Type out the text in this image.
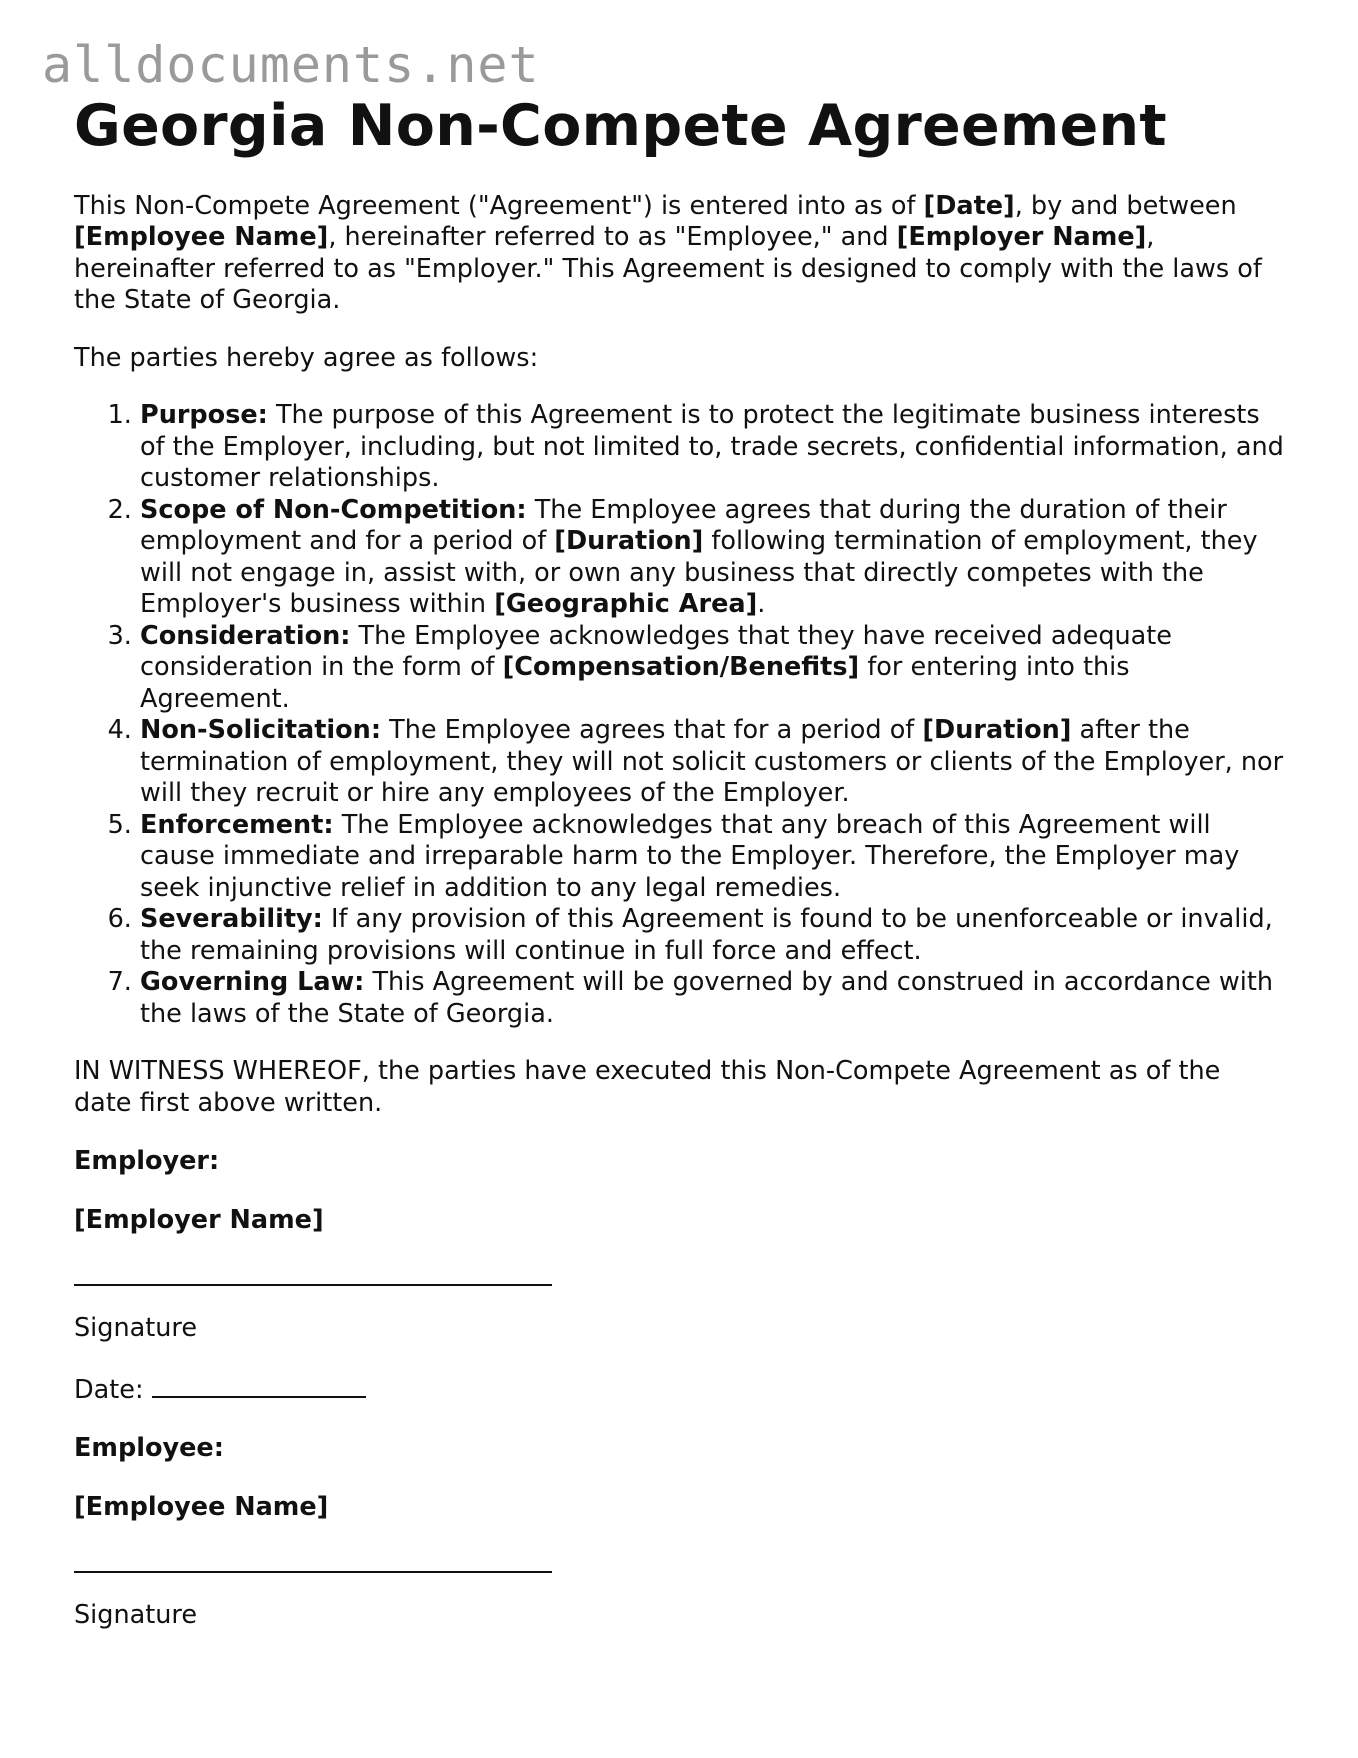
alldocuments.net
Georgia Non-Compete Agreement

This Non-Compete Agreement ("Agreement") is entered into as of [Date], by and between [Employee Name], hereinafter referred to as "Employee," and [Employer Name], hereinafter referred to as "Employer." This Agreement is designed to comply with the laws of the State of Georgia.

The parties hereby agree as follows:

1. Purpose: The purpose of this Agreement is to protect the legitimate business interests of the Employer, including, but not limited to, trade secrets, confidential information, and customer relationships.
2. Scope of Non-Competition: The Employee agrees that during the duration of their employment and for a period of [Duration] following termination of employment, they will not engage in, assist with, or own any business that directly competes with the Employer's business within [Geographic Area].
3. Consideration: The Employee acknowledges that they have received adequate consideration in the form of [Compensation/Benefits] for entering into this Agreement.
4. Non-Solicitation: The Employee agrees that for a period of [Duration] after the termination of employment, they will not solicit customers or clients of the Employer, nor will they recruit or hire any employees of the Employer.
5. Enforcement: The Employee acknowledges that any breach of this Agreement will cause immediate and irreparable harm to the Employer. Therefore, the Employer may seek injunctive relief in addition to any legal remedies.
6. Severability: If any provision of this Agreement is found to be unenforceable or invalid, the remaining provisions will continue in full force and effect.
7. Governing Law: This Agreement will be governed by and construed in accordance with the laws of the State of Georgia.

IN WITNESS WHEREOF, the parties have executed this Non-Compete Agreement as of the date first above written.

Employer:

[Employer Name]

Signature

Date:

Employee:

[Employee Name]

Signature
